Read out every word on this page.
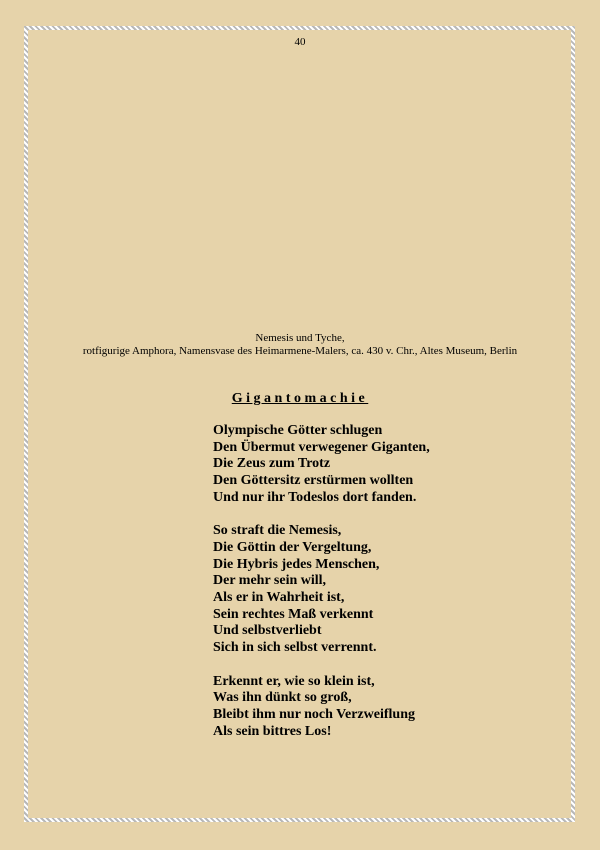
40
Nemesis und Tyche,
rotfigurige Amphora, Namensvase des Heimarmene-Malers, ca. 430 v. Chr., Altes Museum, Berlin
Gigantomachie
Olympische Götter schlugen
Den Übermut verwegener Giganten,
Die Zeus zum Trotz
Den Göttersitz erstürmen wollten
Und nur ihr Todeslos dort fanden.
So straft die Nemesis,
Die Göttin der Vergeltung,
Die Hybris jedes Menschen,
Der mehr sein will,
Als er in Wahrheit ist,
Sein rechtes Maß verkennt
Und selbstverliebt
Sich in sich selbst verrennt.
Erkennt er, wie so klein ist,
Was ihn dünkt so groß,
Bleibt ihm nur noch Verzweiflung
Als sein bittres Los!
